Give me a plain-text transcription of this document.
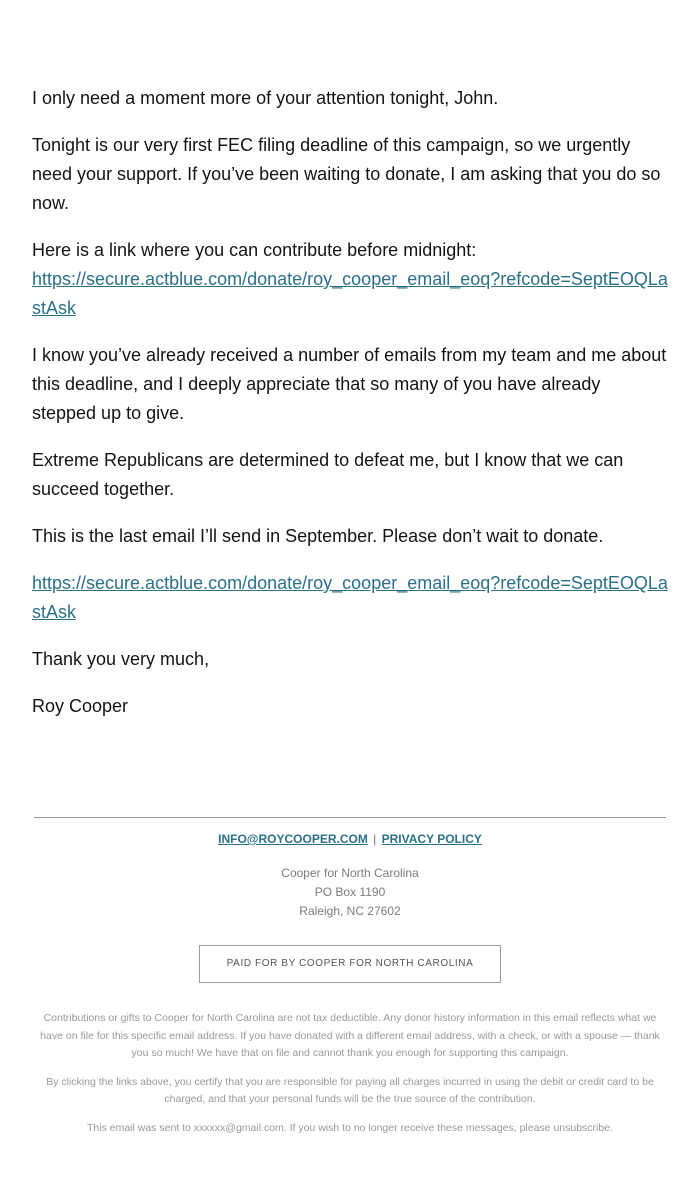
I only need a moment more of your attention tonight, John.

Tonight is our very first FEC filing deadline of this campaign, so we urgently need your support. If you’ve been waiting to donate, I am asking that you do so now.

Here is a link where you can contribute before midnight:
https://secure.actblue.com/donate/roy_cooper_email_eoq?refcode=SeptEOQLastAsk

I know you’ve already received a number of emails from my team and me about this deadline, and I deeply appreciate that so many of you have already stepped up to give.

Extreme Republicans are determined to defeat me, but I know that we can succeed together.

This is the last email I’ll send in September. Please don’t wait to donate.

https://secure.actblue.com/donate/roy_cooper_email_eoq?refcode=SeptEOQLastAsk

Thank you very much,

Roy Cooper

INFO@ROYCOOPER.COM | PRIVACY POLICY
Cooper for North Carolina
PO Box 1190
Raleigh, NC 27602
PAID FOR BY COOPER FOR NORTH CAROLINA

Contributions or gifts to Cooper for North Carolina are not tax deductible. Any donor history information in this email reflects what we have on file for this specific email address. If you have donated with a different email address, with a check, or with a spouse — thank you so much! We have that on file and cannot thank you enough for supporting this campaign.

By clicking the links above, you certify that you are responsible for paying all charges incurred in using the debit or credit card to be charged, and that your personal funds will be the true source of the contribution.

This email was sent to xxxxxx@gmail.com. If you wish to no longer receive these messages, please unsubscribe.
